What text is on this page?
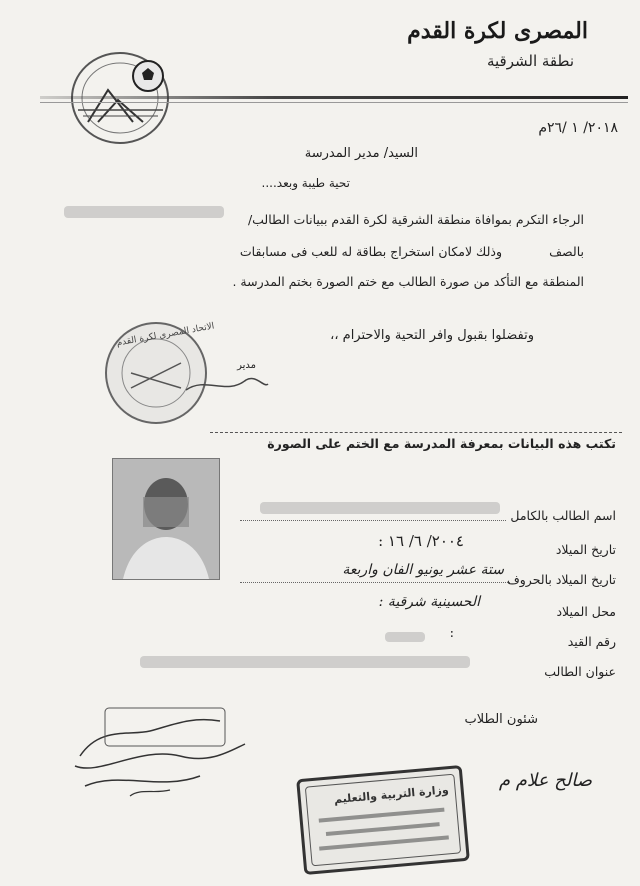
المصرى لكرة القدم
نطقة الشرقية
٢٠١٨/ ١ /٢٦م
السيد/ مدير المدرسة
تحية طيبة وبعد....
الرجاء التكرم بموافاة منطقة الشرقية لكرة القدم ببيانات الطالب/
بالصف
وذلك لامكان استخراج بطاقة له للعب فى مسابقات
المنطقة مع التأكد من صورة الطالب مع ختم الصورة بختم المدرسة .
وتفضلوا بقبول وافر التحية والاحترام ،،
مدير
الاتحاد المصرى لكرة القدم
تكتب هذه البيانات بمعرفة المدرسة مع الختم على الصورة
اسم الطالب بالكامل
تاريخ الميلاد
٢٠٠٤/ ٦/ ١٦ :
تاريخ الميلاد بالحروف
ستة عشر يونيو الفان واربعة
محل الميلاد
الحسينية شرقية :
رقم القيد
:
عنوان الطالب
شئون الطلاب
صالح علام م
وزارة التربية والتعليم
